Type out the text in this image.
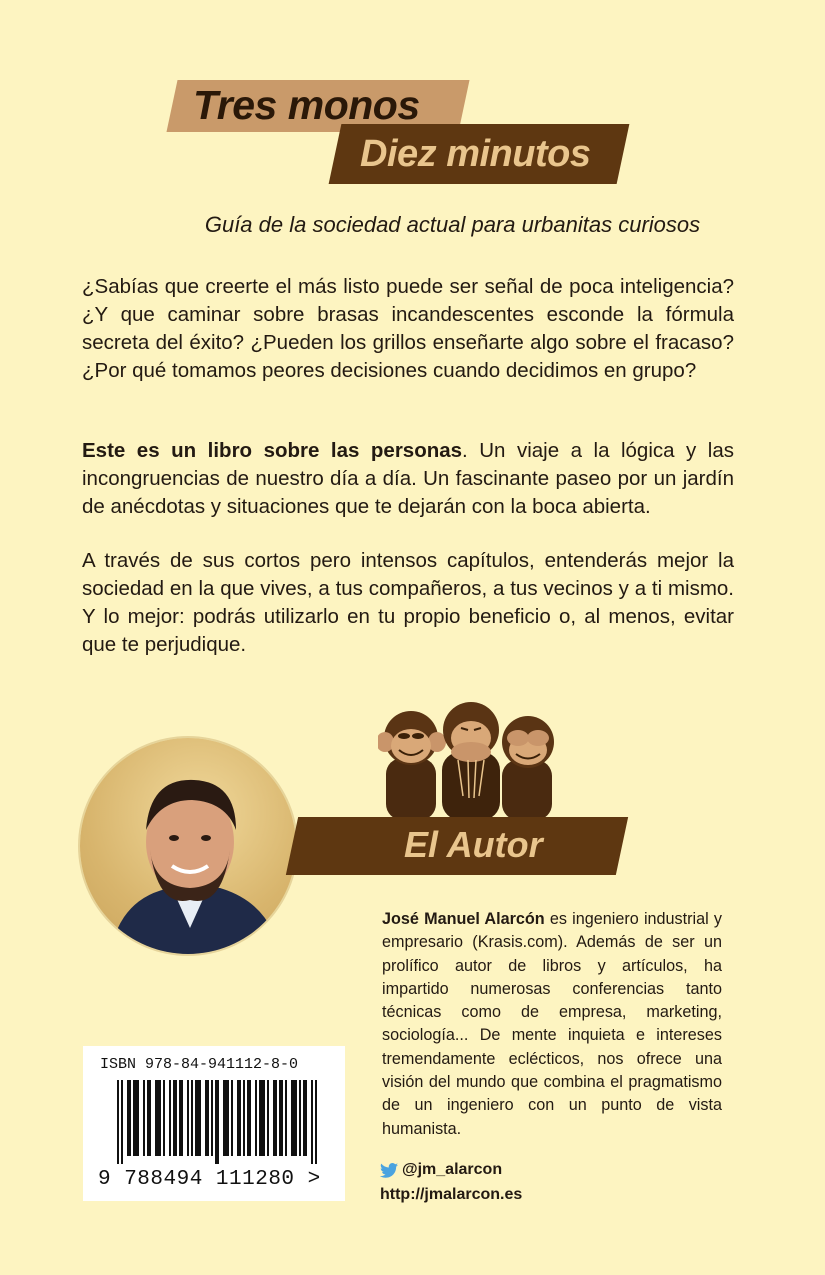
Tres monos
Diez minutos
Guía de la sociedad actual para urbanitas curiosos
¿Sabías que creerte el más listo puede ser señal de poca inteligencia? ¿Y que caminar sobre brasas incandescentes esconde la fórmula secreta del éxito? ¿Pueden los grillos enseñarte algo sobre el fracaso? ¿Por qué tomamos peores decisiones cuando decidimos en grupo?
Este es un libro sobre las personas. Un viaje a la lógica y las incongruencias de nuestro día a día. Un fascinante paseo por un jardín de anécdotas y situaciones que te dejarán con la boca abierta.
A través de sus cortos pero intensos capítulos, entenderás mejor la sociedad en la que vives, a tus compañeros, a tus vecinos y a ti mismo. Y lo mejor: podrás utilizarlo en tu propio beneficio o, al menos, evitar que te perjudique.
El Autor
José Manuel Alarcón es ingeniero industrial y empresario (Krasis.com). Además de ser un prolífico autor de libros y artículos, ha impartido numerosas conferencias tanto técnicas como de empresa, marketing, sociología... De mente inquieta e intereses tremendamente eclécticos, nos ofrece una visión del mundo que combina el pragmatismo de un ingeniero con un punto de vista humanista.
@jm_alarcon
http://jmalarcon.es
ISBN 978-84-941112-8-0
9 788494 111280 >
